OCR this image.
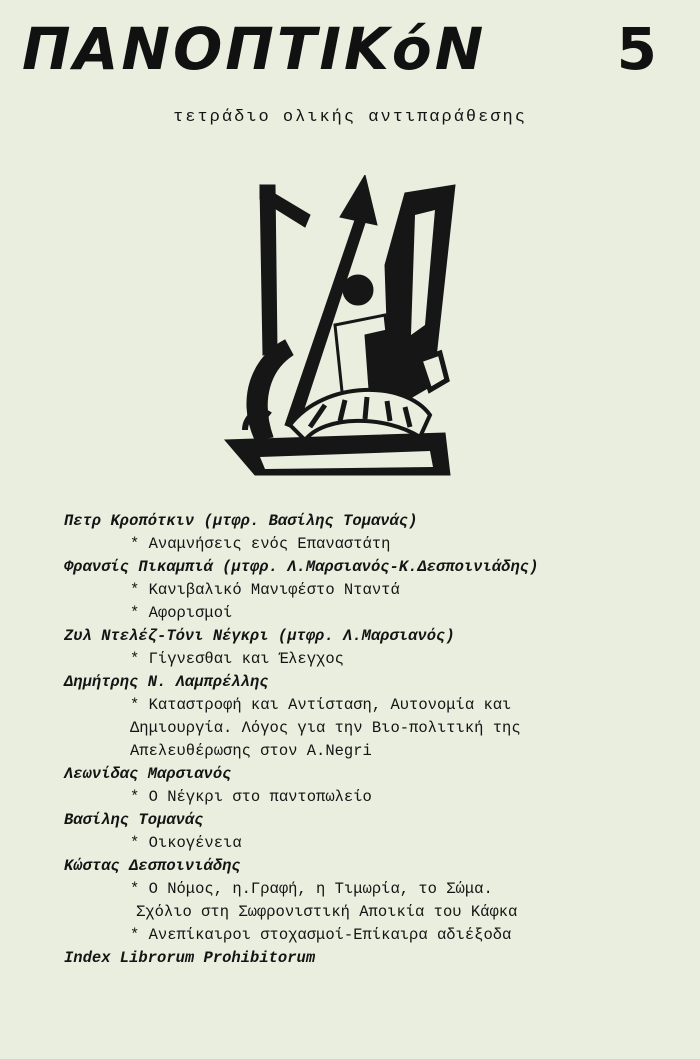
ΠΑΝΟΠΤΙΚόΝ 5
τετράδιο ολικής αντιπαράθεσης
Πετρ Κροπότκιν (μτφρ. Βασίλης Τομανάς)
* Αναμνήσεις ενός Επαναστάτη
Φρανσίς Πικαμπιά (μτφρ. Λ.Μαρσιανός-Κ.Δεσποινιάδης)
* Κανιβαλικό Μανιφέστο Νταντά
* Αφορισμοί
Ζυλ Ντελέζ-Τόνι Νέγκρι (μτφρ. Λ.Μαρσιανός)
* Γίγνεσθαι και Έλεγχος
Δημήτρης Ν. Λαμπρέλλης
* Καταστροφή και Αντίσταση, Αυτονομία και
Δημιουργία. Λόγος για την Βιο-πολιτική της
Απελευθέρωσης στον A.Negri
Λεωνίδας Μαρσιανός
* Ο Νέγκρι στο παντοπωλείο
Βασίλης Τομανάς
* Οικογένεια
Κώστας Δεσποινιάδης
* Ο Νόμος, η.Γραφή, η Τιμωρία, το Σώμα.
Σχόλιο στη Σωφρονιστική Αποικία του Κάφκα
* Ανεπίκαιροι στοχασμοί-Επίκαιρα αδιέξοδα
Index Librorum Prohibitorum
